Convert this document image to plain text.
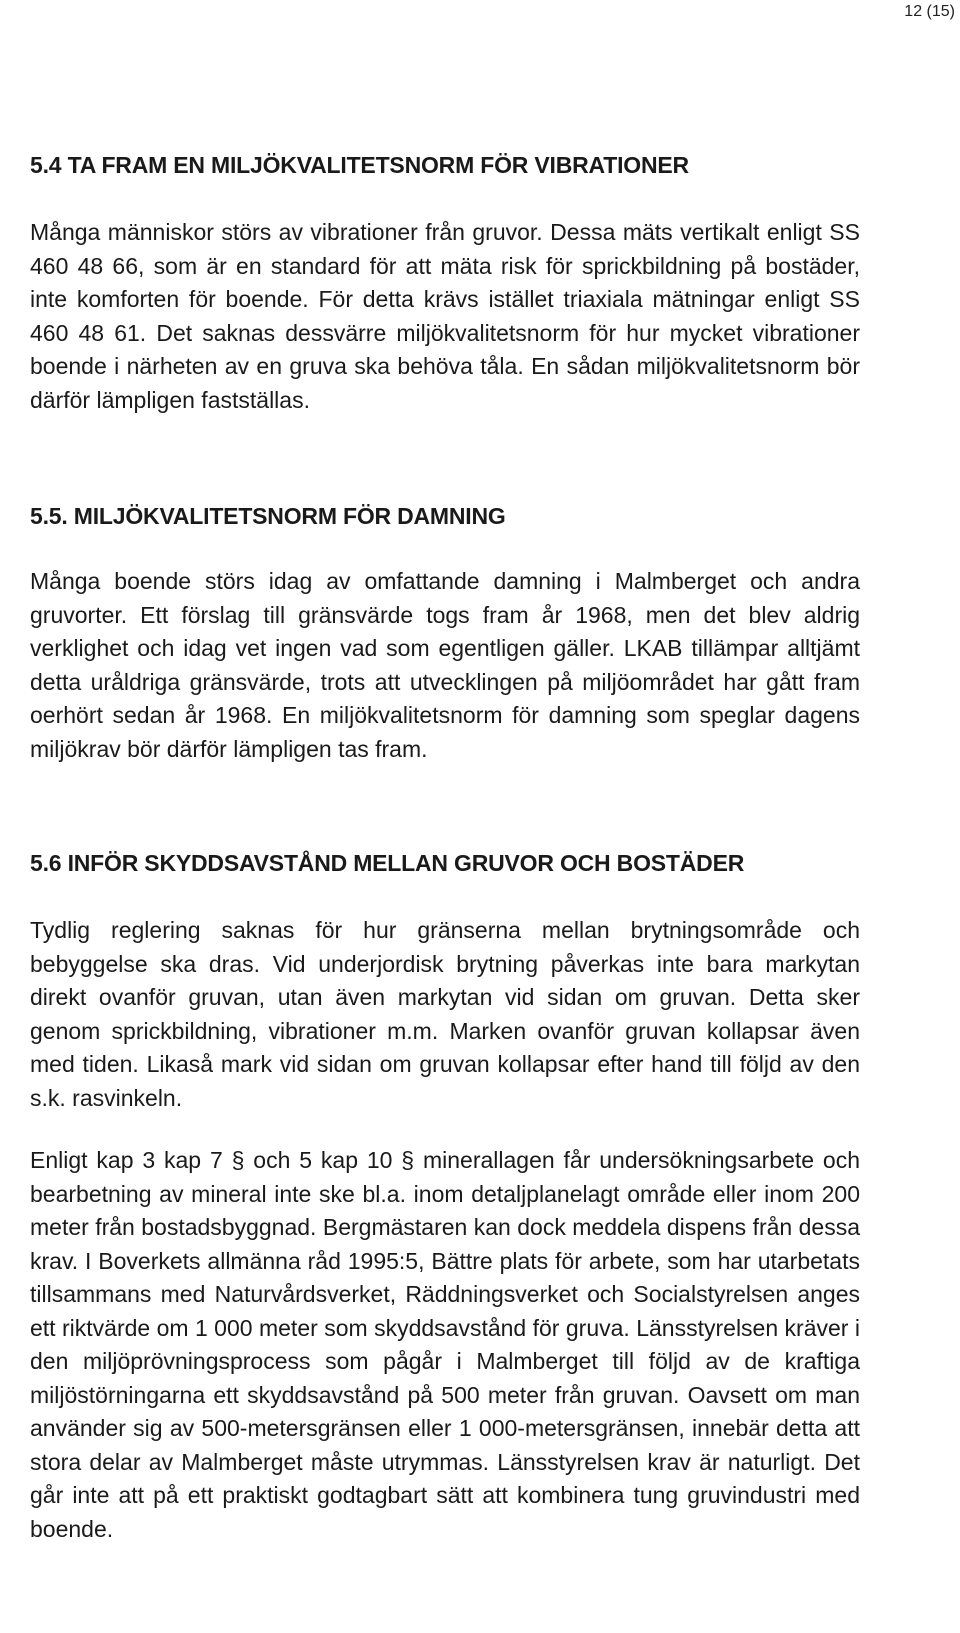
12 (15)
5.4 TA FRAM EN MILJÖKVALITETSNORM FÖR VIBRATIONER

Många människor störs av vibrationer från gruvor. Dessa mäts vertikalt enligt SS 460 48 66, som är en standard för att mäta risk för sprickbildning på bostäder, inte komforten för boende. För detta krävs istället triaxiala mätningar enligt SS 460 48 61. Det saknas dessvärre miljökvalitetsnorm för hur mycket vibrationer boende i närheten av en gruva ska behöva tåla. En sådan miljökvalitetsnorm bör därför lämpligen fastställas.

5.5. MILJÖKVALITETSNORM FÖR DAMNING

Många boende störs idag av omfattande damning i Malmberget och andra gruvorter. Ett förslag till gränsvärde togs fram år 1968, men det blev aldrig verklighet och idag vet ingen vad som egentligen gäller. LKAB tillämpar alltjämt detta uråldriga gränsvärde, trots att utvecklingen på miljöområdet har gått fram oerhört sedan år 1968. En miljökvalitetsnorm för damning som speglar dagens miljökrav bör därför lämpligen tas fram.

5.6 INFÖR SKYDDSAVSTÅND MELLAN GRUVOR OCH BOSTÄDER

Tydlig reglering saknas för hur gränserna mellan brytningsområde och bebyggelse ska dras. Vid underjordisk brytning påverkas inte bara markytan direkt ovanför gruvan, utan även markytan vid sidan om gruvan. Detta sker genom sprickbildning, vibrationer m.m. Marken ovanför gruvan kollapsar även med tiden. Likaså mark vid sidan om gruvan kollapsar efter hand till följd av den s.k. rasvinkeln.

Enligt kap 3 kap 7 § och 5 kap 10 § minerallagen får undersökningsarbete och bearbetning av mineral inte ske bl.a. inom detaljplanelagt område eller inom 200 meter från bostadsbyggnad. Bergmästaren kan dock meddela dispens från dessa krav. I Boverkets allmänna råd 1995:5, Bättre plats för arbete, som har utarbetats tillsammans med Naturvårdsverket, Räddningsverket och Socialstyrelsen anges ett riktvärde om 1 000 meter som skyddsavstånd för gruva. Länsstyrelsen kräver i den miljöprövningsprocess som pågår i Malmberget till följd av de kraftiga miljöstörningarna ett skyddsavstånd på 500 meter från gruvan. Oavsett om man använder sig av 500-metersgränsen eller 1 000-metersgränsen, innebär detta att stora delar av Malmberget måste utrymmas. Länsstyrelsen krav är naturligt. Det går inte att på ett praktiskt godtagbart sätt att kombinera tung gruvindustri med boende.
